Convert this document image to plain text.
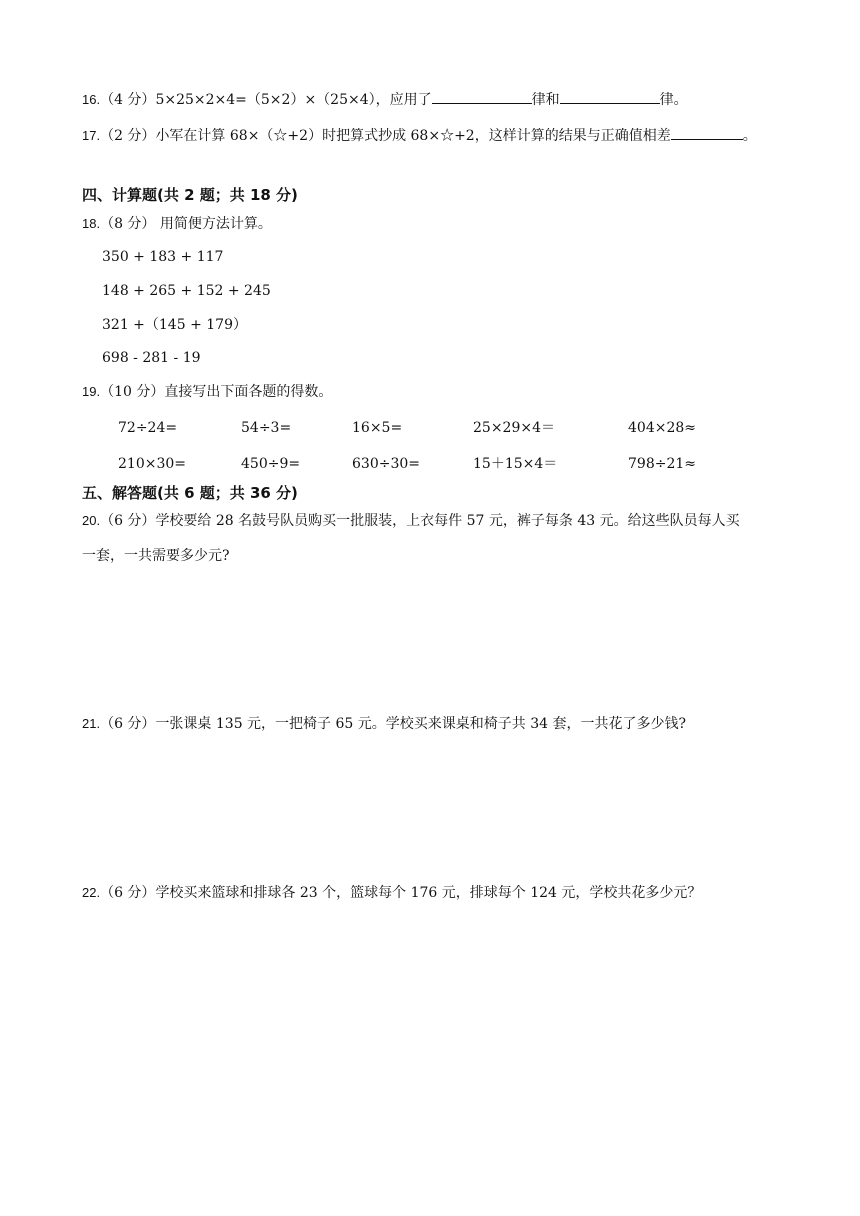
16.（4 分）5×25×2×4=（5×2）×（25×4），应用了	律和	律。
17.（2 分）小军在计算 68×（☆+2）时把算式抄成 68×☆+2，这样计算的结果与正确值相差	。
四、计算题(共 2 题；共 18 分)
18.（8 分） 用简便方法计算。
350 + 183 + 117
148 + 265 + 152 + 245
321 +（145 + 179）
698 - 281 - 19
19.（10 分）直接写出下面各题的得数。
72÷24=	54÷3=	16×5=	25×29×4＝	404×28≈
210×30=	450÷9=	630÷30=	15＋15×4＝	798÷21≈
五、解答题(共 6 题；共 36 分)
20.（6 分）学校要给 28 名鼓号队员购买一批服装，上衣每件 57 元，裤子每条 43 元。给这些队员每人买
一套，一共需要多少元?
21.（6 分）一张课桌 135 元，一把椅子 65 元。学校买来课桌和椅子共 34 套，一共花了多少钱?
22.（6 分）学校买来篮球和排球各 23 个，篮球每个 176 元，排球每个 124 元，学校共花多少元？
